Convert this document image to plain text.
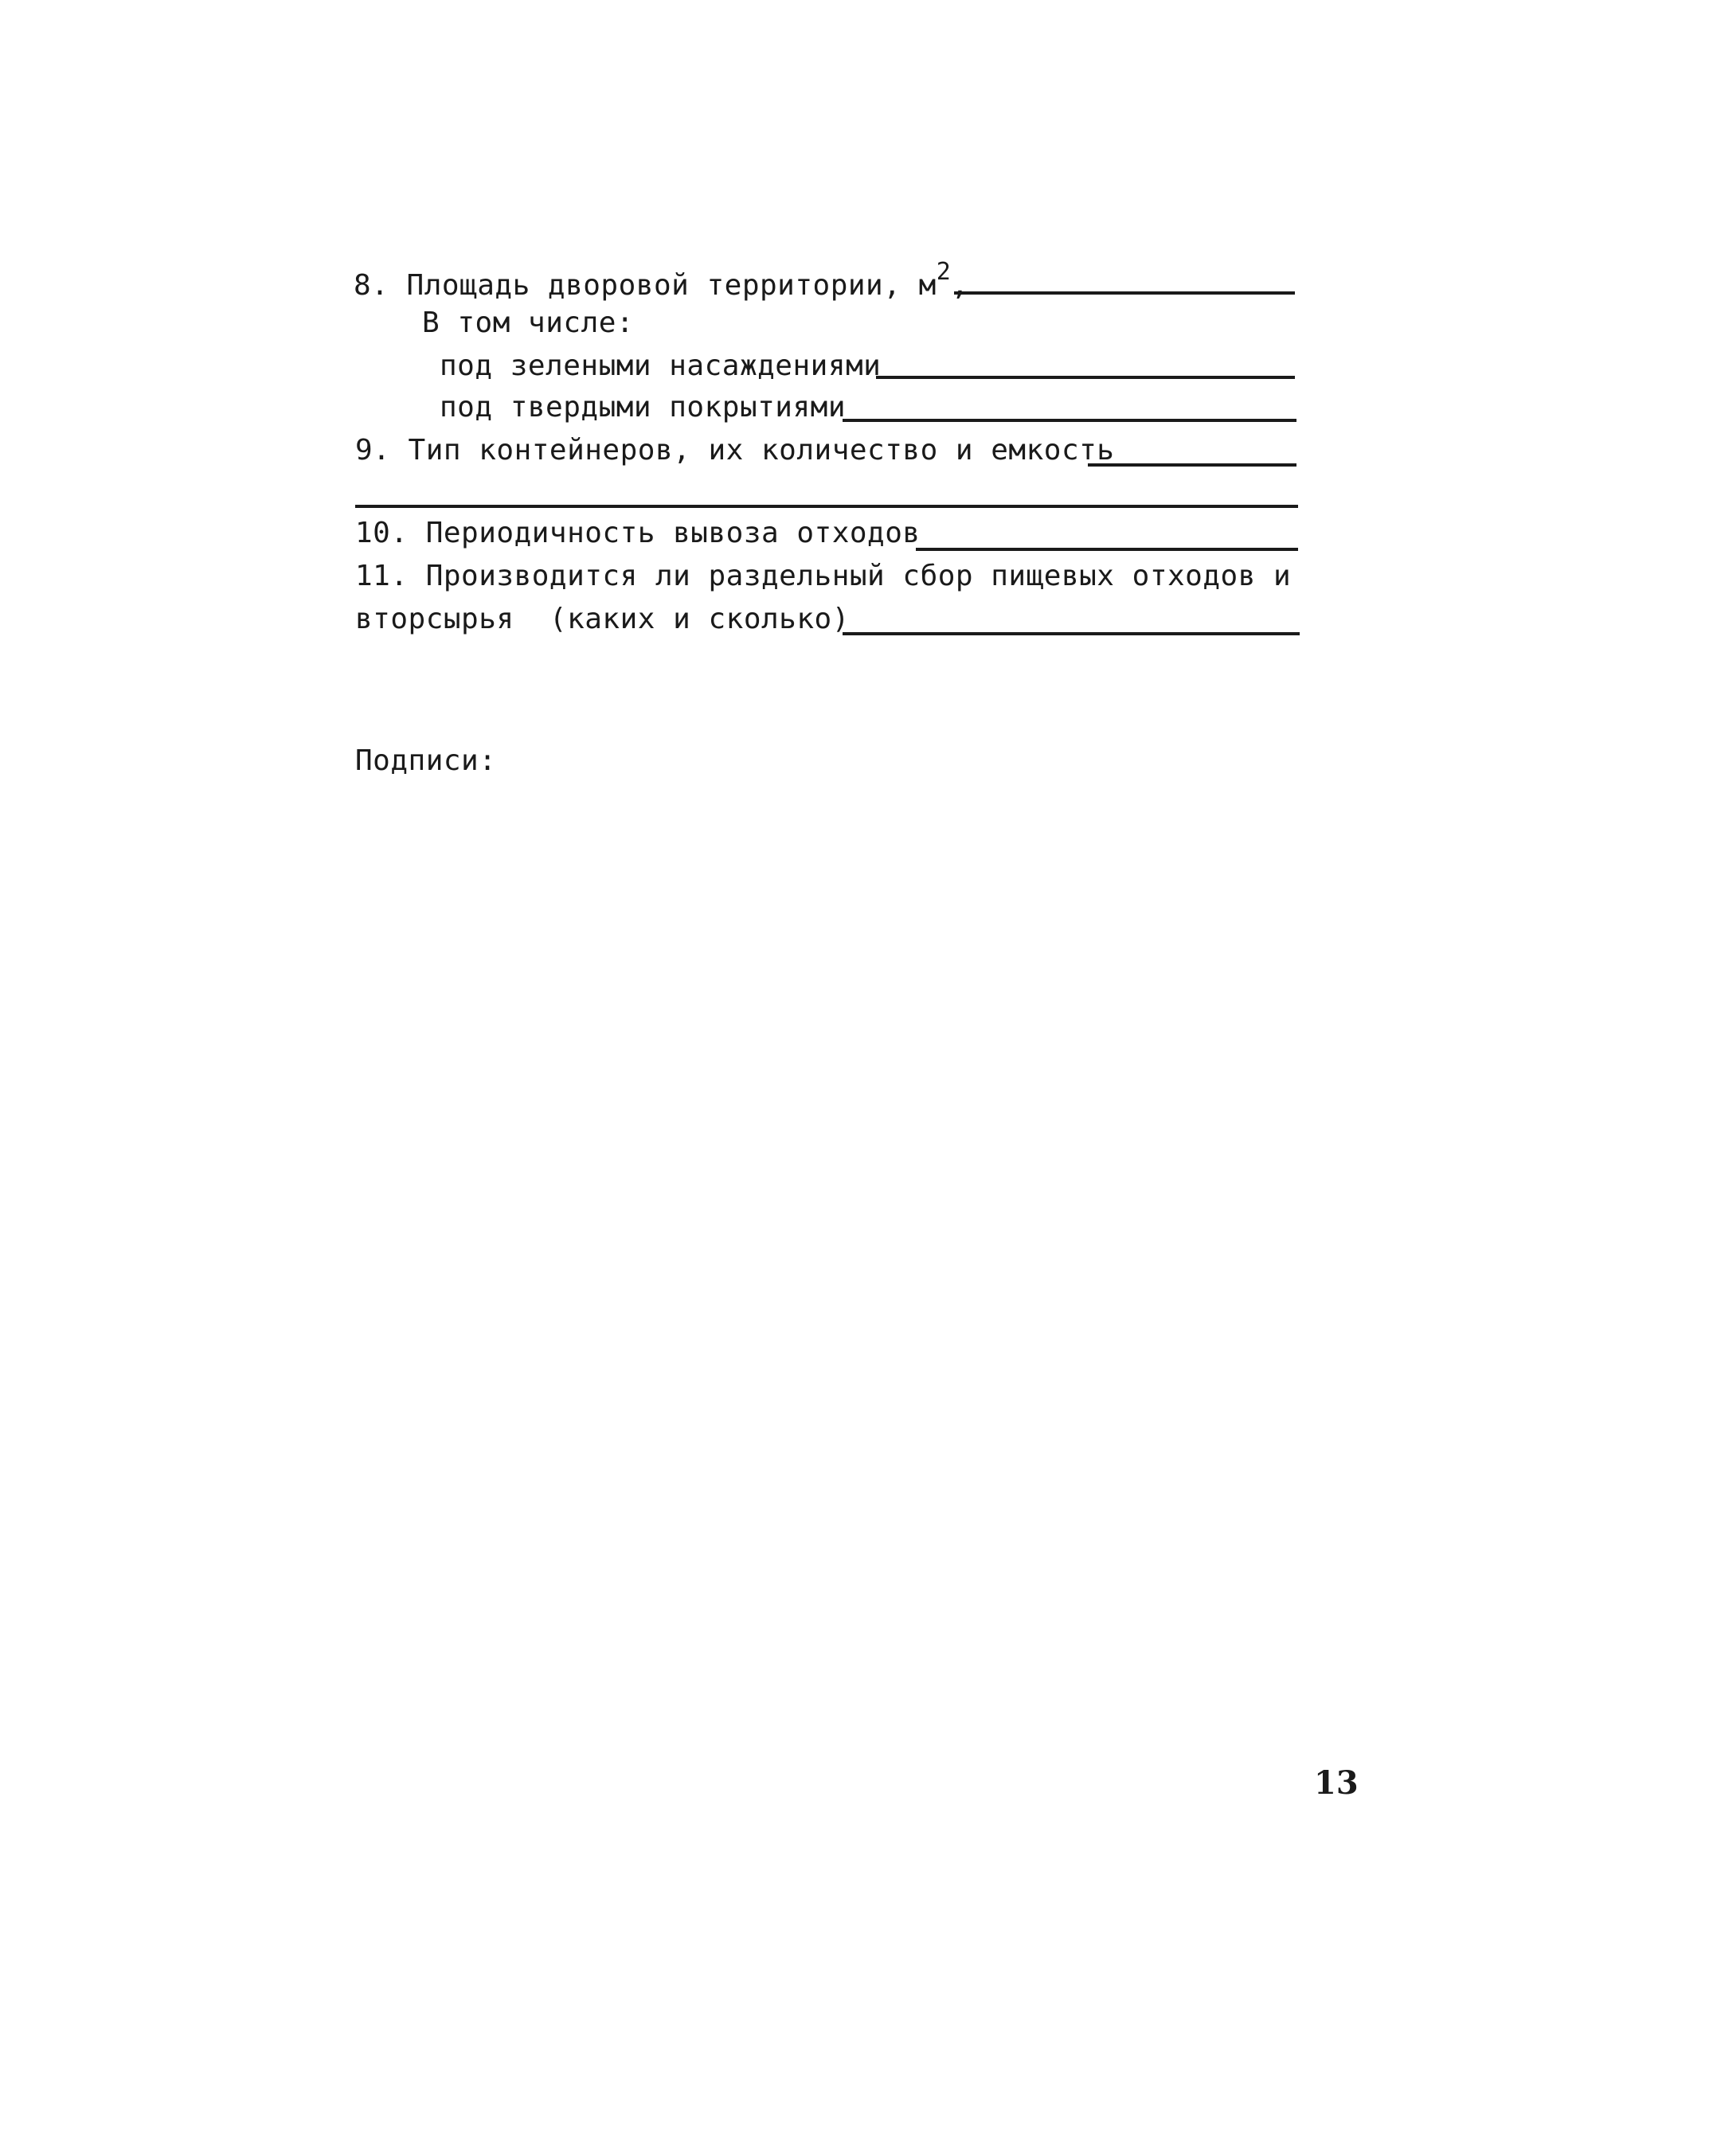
8. Площадь дворовой территории, $м^2$,
В том числе:
под зелеными насаждениями
под твердыми покрытиями
9. Тип контейнеров, их количество и емкость
10. Периодичность вывоза отходов
11. Производится ли раздельный сбор пищевых отходов и
вторсырья  (каких и сколько)
Подписи:
13
